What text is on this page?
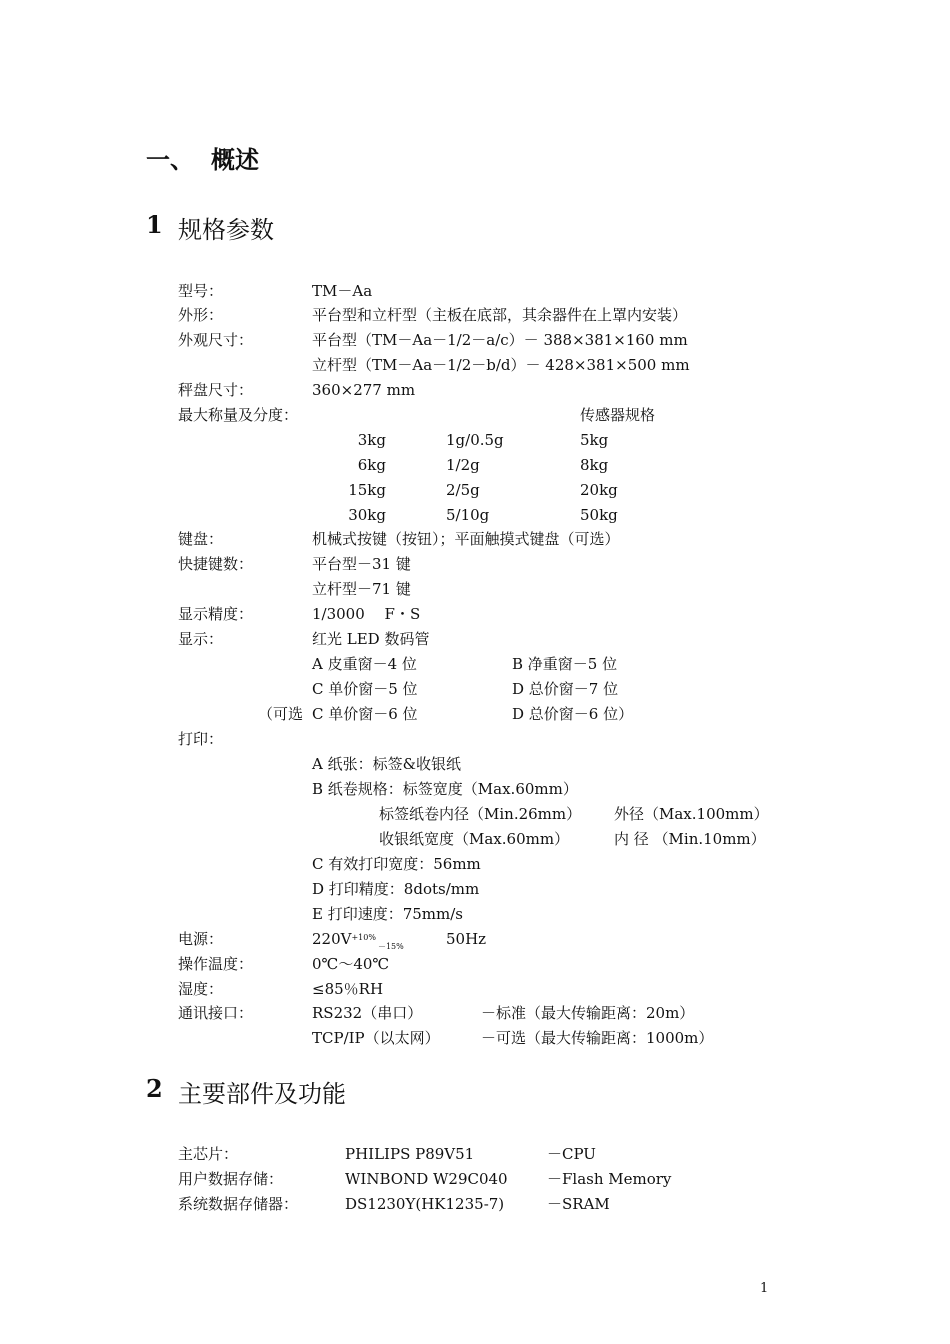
一、 概述
1 规格参数
型号：	TM－Aa
外形：	平台型和立杆型（主板在底部，其余器件在上罩内安装）
外观尺寸：	平台型（TM－Aa－1/2－a/c）－ 388×381×160 mm
立杆型（TM－Aa－1/2－b/d）－ 428×381×500 mm
秤盘尺寸：	360×277 mm
最大称量及分度：	传感器规格
3kg	1g/0.5g	5kg
6kg	1/2g	8kg
15kg	2/5g	20kg
30kg	5/10g	50kg
键盘：	机械式按键（按钮）；平面触摸式键盘（可选）
快捷键数：	平台型－31 键
立杆型－71 键
显示精度：	1/3000　 F・S
显示：	红光 LED 数码管
A 皮重窗－4 位	B 净重窗－5 位
C 单价窗－5 位	D 总价窗－7 位
（可选 C 单价窗－6 位	D 总价窗－6 位）
打印：
A 纸张：标签&收银纸
B 纸卷规格：标签宽度（Max.60mm）
标签纸卷内径（Min.26mm） 外径（Max.100mm）
收银纸宽度（Max.60mm）	内 径 （Min.10mm）
C 有效打印宽度：56mm
D 打印精度：8dots/mm
E 打印速度：75mm/s
电源：	$220V^{+10\%}_{-15\%}$	50Hz
操作温度：	0℃～40℃
湿度：	≤85％RH
通讯接口：	RS232（串口）	－标准（最大传输距离：20m）
TCP/IP（以太网）	－可选（最大传输距离：1000m）
2 主要部件及功能
主芯片：	PHILIPS P89V51	－CPU
用户数据存储：	WINBOND W29C040	－Flash Memory
系统数据存储器：	DS1230Y(HK1235-7)	－SRAM
1
